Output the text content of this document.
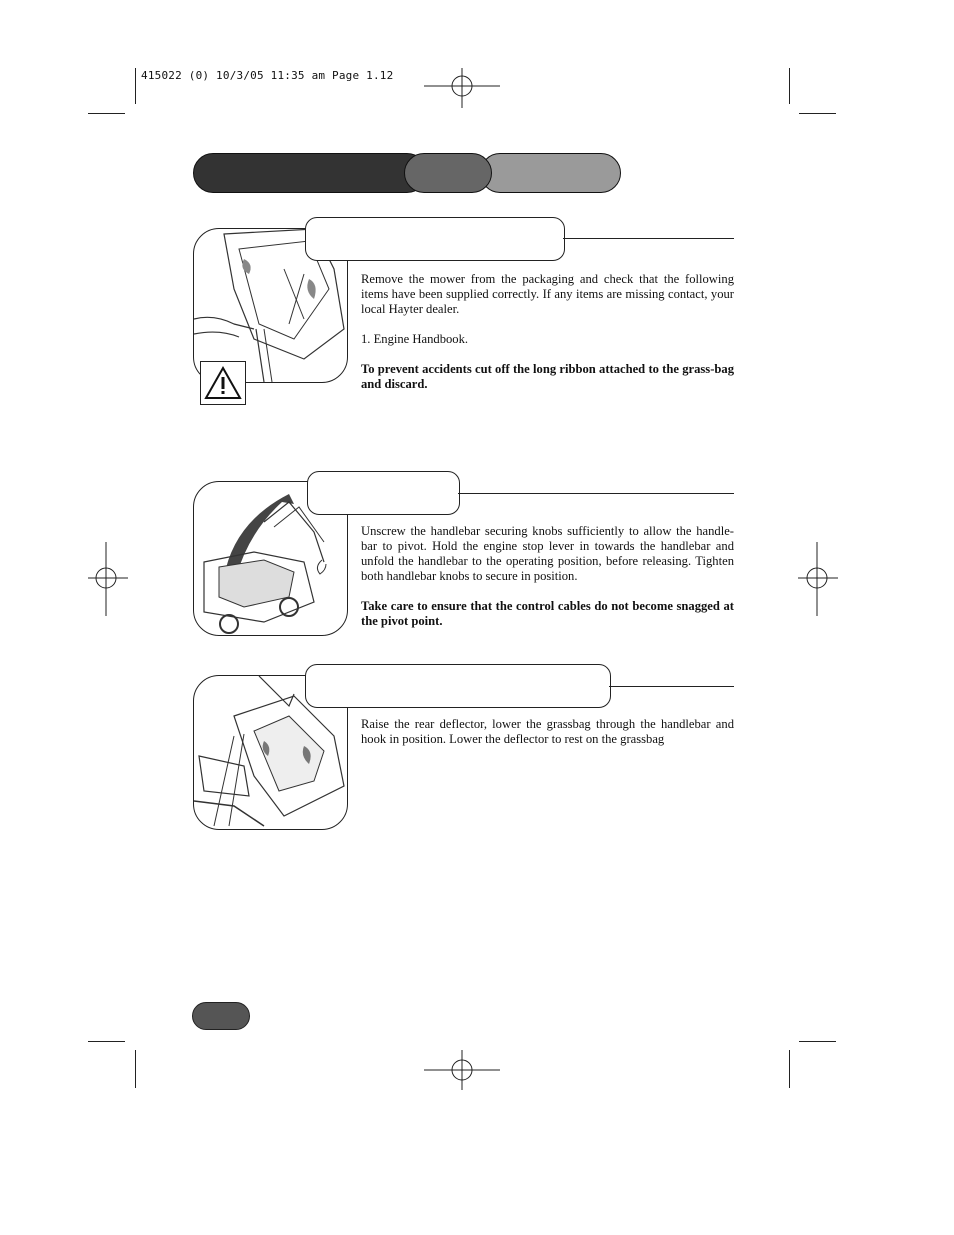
415022 (0) 10/3/05 11:35 am Page 1.12

Remove the mower from the packaging and check that the following items have been supplied correctly. If any items are missing contact, your local Hayter dealer.

1. Engine Handbook.

To prevent accidents cut off the long ribbon attached to the grass-bag and discard.

Unscrew the handlebar securing knobs sufficiently to allow the handle-bar to pivot. Hold the engine stop lever in towards the handlebar and unfold the handlebar to the operating position, before releasing. Tighten both handlebar knobs to secure in position.

Take care to ensure that the control cables do not become snagged at the pivot point.

Raise the rear deflector, lower the grassbag through the handlebar and hook in position. Lower the deflector to rest on the grassbag
